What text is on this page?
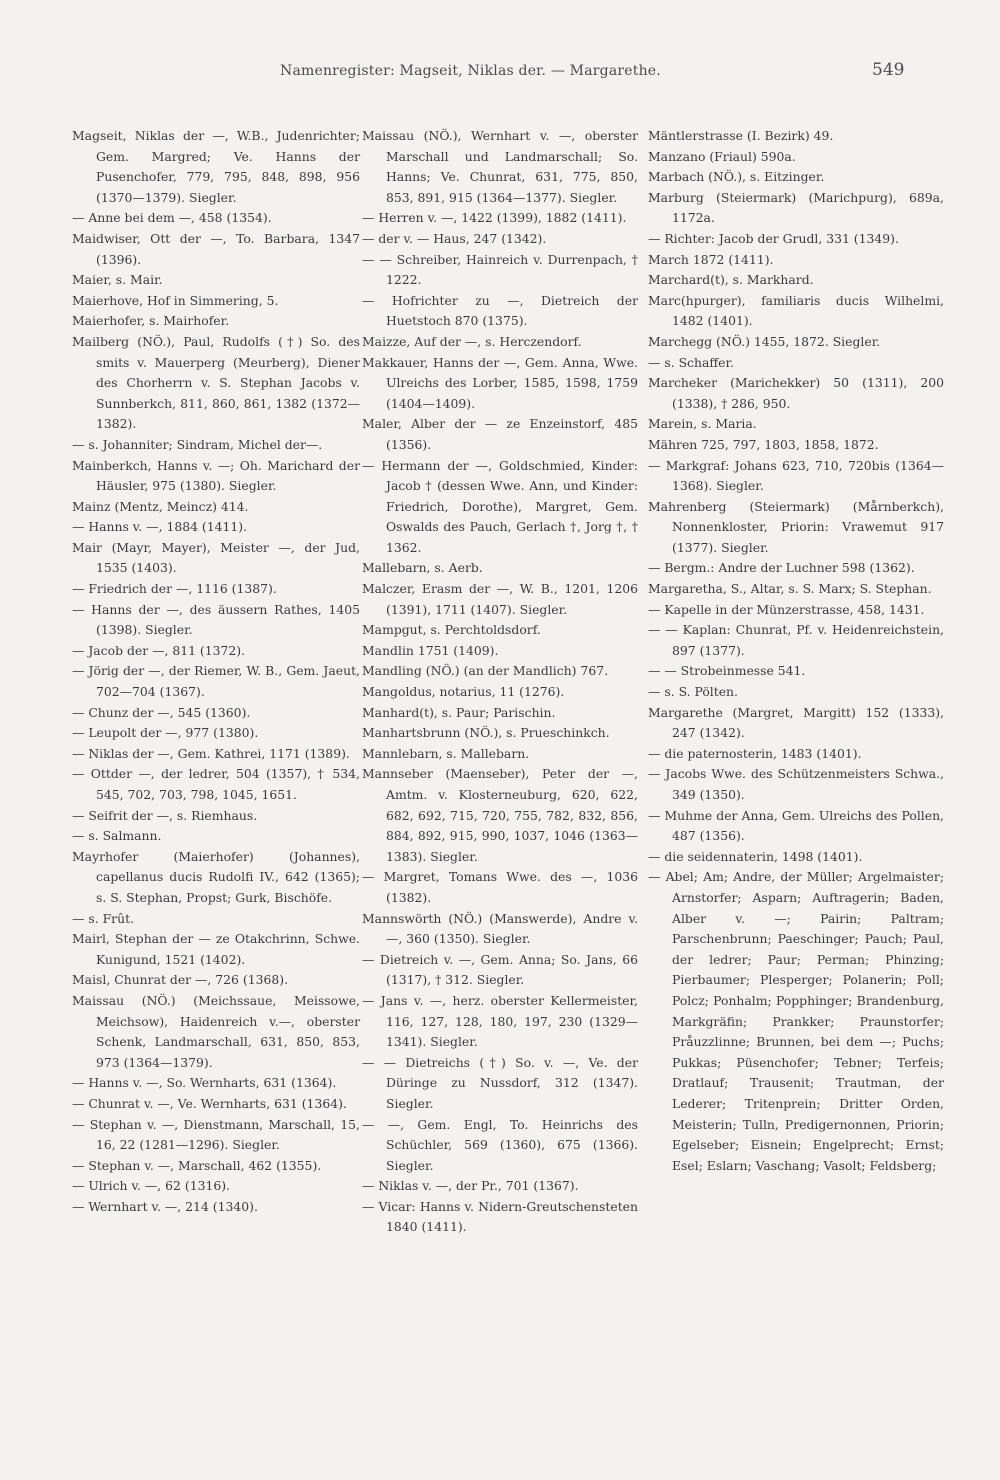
Namenregister: Magseit, Niklas der. — Margarethe.	549
Magseit, Niklas der —, W.B., Judenrichter; Gem. Margred; Ve. Hanns der Pusenchofer, 779, 795, 848, 898, 956 (1370—1379). Siegler.
— Anne bei dem —, 458 (1354).
Maidwiser, Ott der —, To. Barbara, 1347 (1396).
Maier, s. Mair.
Maierhove, Hof in Simmering, 5.
Maierhofer, s. Mairhofer.
Mailberg (NÖ.), Paul, Rudolfs (†) So. des smits v. Mauerperg (Meurberg), Diener des Chorherrn v. S. Stephan Jacobs v. Sunnberkch, 811, 860, 861, 1382 (1372—1382).
— s. Johanniter; Sindram, Michel der—.
Mainberkch, Hanns v. —; Oh. Marichard der Häusler, 975 (1380). Siegler.
Mainz (Mentz, Meincz) 414.
— Hanns v. —, 1884 (1411).
Mair (Mayr, Mayer), Meister —, der Jud, 1535 (1403).
— Friedrich der —, 1116 (1387).
— Hanns der —, des äussern Rathes, 1405 (1398). Siegler.
— Jacob der —, 811 (1372).
— Jörig der —, der Riemer, W. B., Gem. Jaeut, 702—704 (1367).
— Chunz der —, 545 (1360).
— Leupolt der —, 977 (1380).
— Niklas der —, Gem. Kathrei, 1171 (1389).
— Ottder —, der ledrer, 504 (1357), † 534, 545, 702, 703, 798, 1045, 1651.
— Seifrit der —, s. Riemhaus.
— s. Salmann.
Mayrhofer (Maierhofer) (Johannes), capellanus ducis Rudolfi IV., 642 (1365); s. S. Stephan, Propst; Gurk, Bischöfe.
— s. Frût.
Mairl, Stephan der — ze Otakchrinn, Schwe. Kunigund, 1521 (1402).
Maisl, Chunrat der —, 726 (1368).
Maissau (NÖ.) (Meichssaue, Meissowe, Meichsow), Haidenreich v.—, oberster Schenk, Landmarschall, 631, 850, 853, 973 (1364—1379).
— Hanns v. —, So. Wernharts, 631 (1364).
— Chunrat v. —, Ve. Wernharts, 631 (1364).
— Stephan v. —, Dienstmann, Marschall, 15, 16, 22 (1281—1296). Siegler.
— Stephan v. —, Marschall, 462 (1355).
— Ulrich v. —, 62 (1316).
— Wernhart v. —, 214 (1340).
Maissau (NÖ.), Wernhart v. —, oberster Marschall und Landmarschall; So. Hanns; Ve. Chunrat, 631, 775, 850, 853, 891, 915 (1364—1377). Siegler.
— Herren v. —, 1422 (1399), 1882 (1411).
— der v. — Haus, 247 (1342).
— — Schreiber, Hainreich v. Durrenpach, † 1222.
— Hofrichter zu —, Dietreich der Huetstoch 870 (1375).
Maizze, Auf der —, s. Herczendorf.
Makkauer, Hanns der —, Gem. Anna, Wwe. Ulreichs des Lorber, 1585, 1598, 1759 (1404—1409).
Maler, Alber der — ze Enzeinstorf, 485 (1356).
— Hermann der —, Goldschmied, Kinder: Jacob † (dessen Wwe. Ann, und Kinder: Friedrich, Dorothe), Margret, Gem. Oswalds des Pauch, Gerlach †, Jorg †, † 1362.
Mallebarn, s. Aerb.
Malczer, Erasm der —, W. B., 1201, 1206 (1391), 1711 (1407). Siegler.
Mampgut, s. Perchtoldsdorf.
Mandlin 1751 (1409).
Mandling (NÖ.) (an der Mandlich) 767.
Mangoldus, notarius, 11 (1276).
Manhard(t), s. Paur; Parischin.
Manhartsbrunn (NÖ.), s. Prueschinkch.
Mannlebarn, s. Mallebarn.
Mannseber (Maenseber), Peter der —, Amtm. v. Klosterneuburg, 620, 622, 682, 692, 715, 720, 755, 782, 832, 856, 884, 892, 915, 990, 1037, 1046 (1363—1383). Siegler.
— Margret, Tomans Wwe. des —, 1036 (1382).
Mannswörth (NÖ.) (Manswerde), Andre v. —, 360 (1350). Siegler.
— Dietreich v. —, Gem. Anna; So. Jans, 66 (1317), † 312. Siegler.
— Jans v. —, herz. oberster Kellermeister, 116, 127, 128, 180, 197, 230 (1329—1341). Siegler.
— — Dietreichs (†) So. v. —, Ve. der Düringe zu Nussdorf, 312 (1347). Siegler.
— —, Gem. Engl, To. Heinrichs des Schüchler, 569 (1360), 675 (1366). Siegler.
— Niklas v. —, der Pr., 701 (1367).
— Vicar: Hanns v. Nidern-Greutschensteten 1840 (1411).
Mäntlerstrasse (I. Bezirk) 49.
Manzano (Friaul) 590a.
Marbach (NÖ.), s. Eitzinger.
Marburg (Steiermark) (Marichpurg), 689a, 1172a.
— Richter: Jacob der Grudl, 331 (1349).
March 1872 (1411).
Marchard(t), s. Markhard.
Marc(hpurger), familiaris ducis Wilhelmi, 1482 (1401).
Marchegg (NÖ.) 1455, 1872. Siegler.
— s. Schaffer.
Marcheker (Marichekker) 50 (1311), 200 (1338), † 286, 950.
Marein, s. Maria.
Mähren 725, 797, 1803, 1858, 1872.
— Markgraf: Johans 623, 710, 720bis (1364—1368). Siegler.
Mahrenberg (Steiermark) (Mårnberkch), Nonnenkloster, Priorin: Vrawemut 917 (1377). Siegler.
— Bergm.: Andre der Luchner 598 (1362).
Margaretha, S., Altar, s. S. Marx; S. Stephan.
— Kapelle in der Münzerstrasse, 458, 1431.
— — Kaplan: Chunrat, Pf. v. Heidenreichstein, 897 (1377).
— — Strobeinmesse 541.
— s. S. Pölten.
Margarethe (Margret, Margitt) 152 (1333), 247 (1342).
— die paternosterin, 1483 (1401).
— Jacobs Wwe. des Schützenmeisters Schwa., 349 (1350).
— Muhme der Anna, Gem. Ulreichs des Pollen, 487 (1356).
— die seidennaterin, 1498 (1401).
— Abel; Am; Andre, der Müller; Argelmaister; Arnstorfer; Asparn; Auftragerin; Baden, Alber v. —; Pairin; Paltram; Parschenbrunn; Paeschinger; Pauch; Paul, der ledrer; Paur; Perman; Phinzing; Pierbaumer; Plesperger; Polanerin; Poll; Polcz; Ponhalm; Popphinger; Brandenburg, Markgräfin; Prankker; Praunstorfer; Pråuzzlinne; Brunnen, bei dem —; Puchs; Pukkas; Püsenchofer; Tebner; Terfeis; Dratlauf; Trausenit; Trautman, der Lederer; Tritenprein; Dritter Orden, Meisterin; Tulln, Predigernonnen, Priorin; Egelseber; Eisnein; Engelprecht; Ernst; Esel; Eslarn; Vaschang; Vasolt; Feldsberg;
